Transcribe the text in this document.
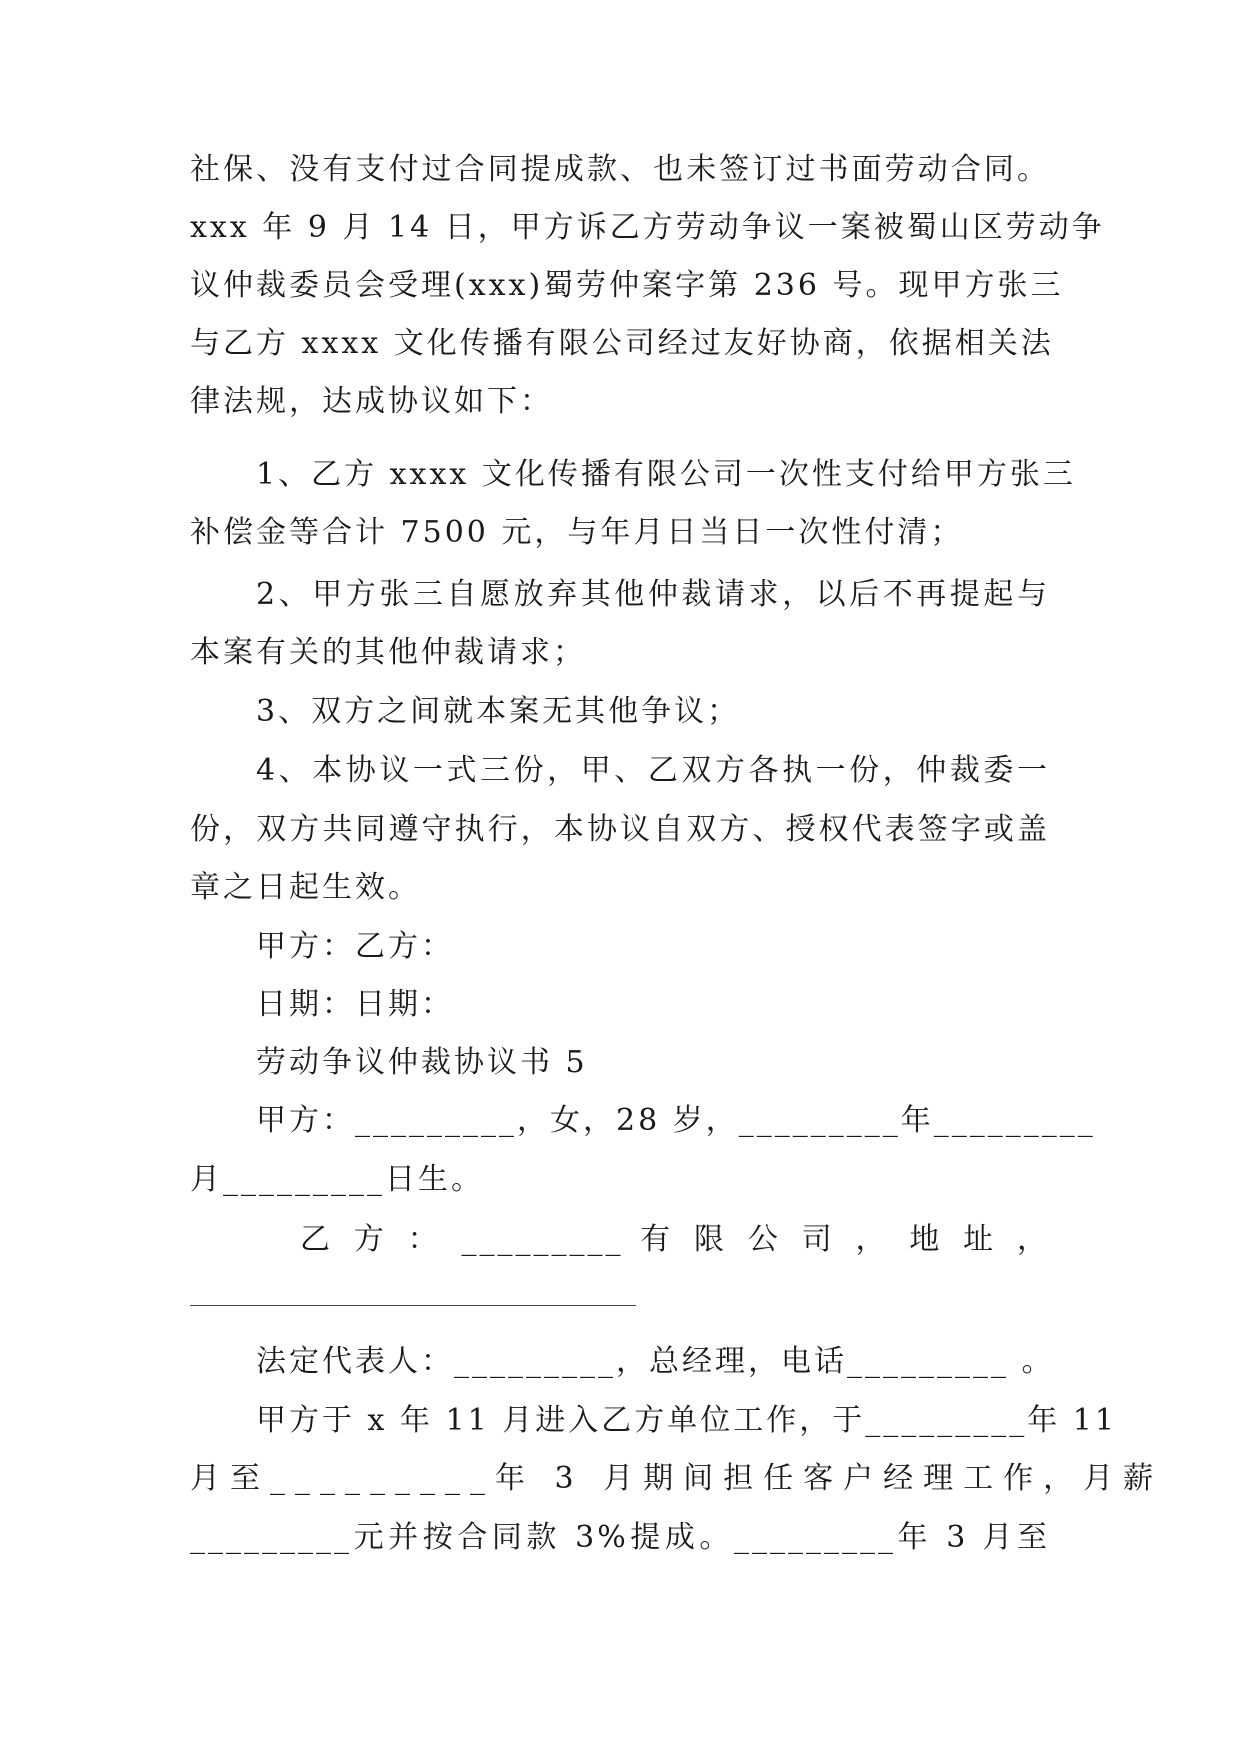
社保、没有支付过合同提成款、也未签订过书面劳动合同。
xxx 年 9 月 14 日，甲方诉乙方劳动争议一案被蜀山区劳动争
议仲裁委员会受理(xxx)蜀劳仲案字第 236 号。现甲方张三
与乙方 xxxx 文化传播有限公司经过友好协商，依据相关法
律法规，达成协议如下：
1、乙方 xxxx 文化传播有限公司一次性支付给甲方张三
补偿金等合计 7500 元，与年月日当日一次性付清；
2、甲方张三自愿放弃其他仲裁请求，以后不再提起与
本案有关的其他仲裁请求；
3、双方之间就本案无其他争议；
4、本协议一式三份，甲、乙双方各执一份，仲裁委一
份，双方共同遵守执行，本协议自双方、授权代表签字或盖
章之日起生效。
甲方：乙方：
日期：日期：
劳动争议仲裁协议书 5
甲方：_________，女，28 岁，_________年_________
月_________日生。
乙 方 ： _________ 有 限 公 司 ， 地 址 ，
法定代表人：_________，总经理，电话_________ 。
甲方于 x 年 11 月进入乙方单位工作，于_________年 11
月至_________年 3 月期间担任客户经理工作，月薪
_________元并按合同款 3%提成。_________年 3 月至
